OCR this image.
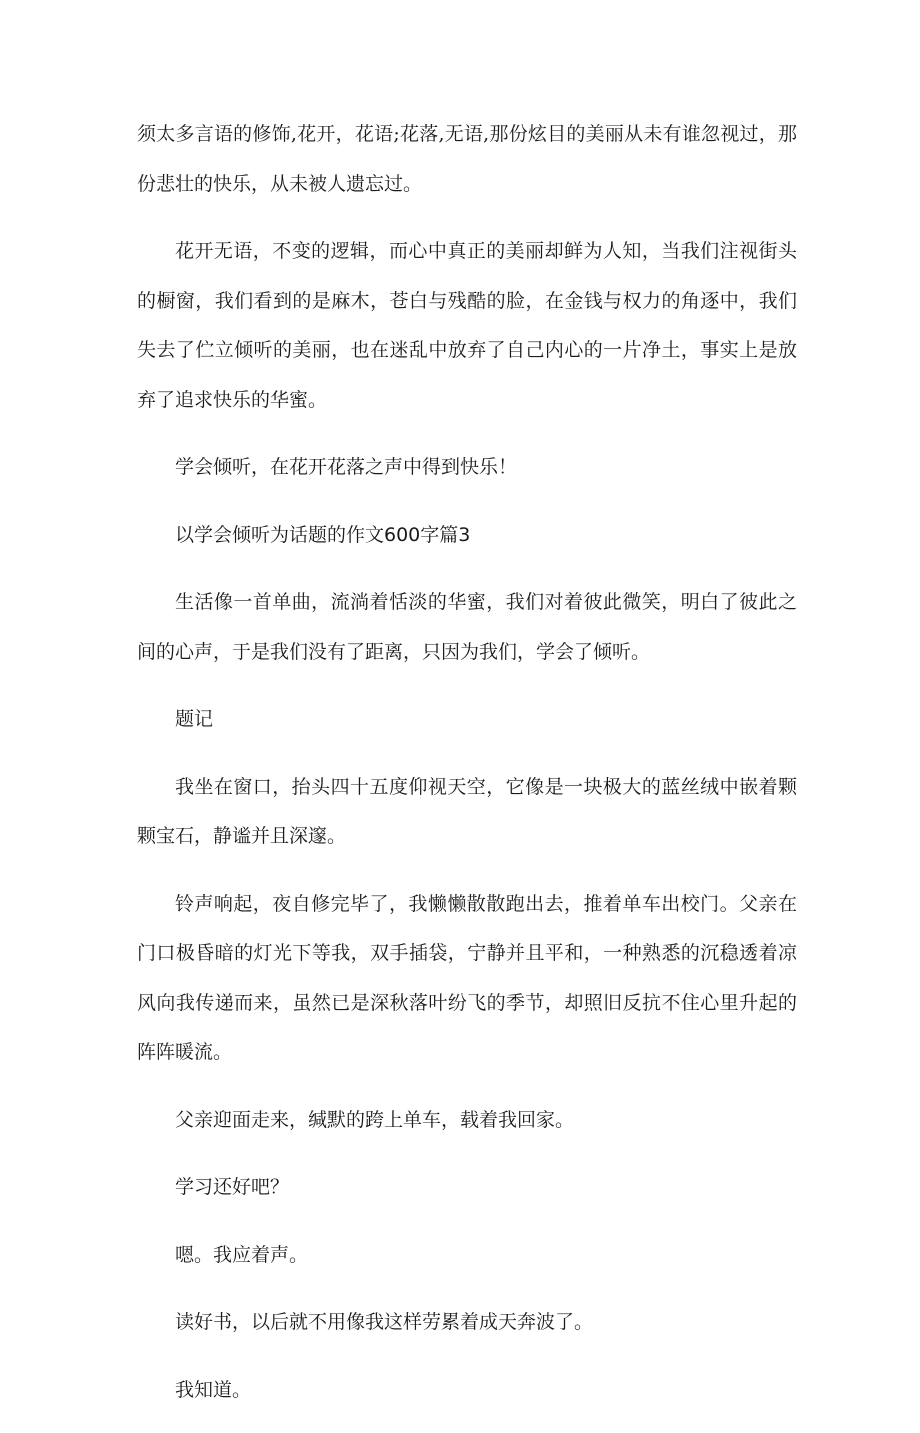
须太多言语的修饰,花开，花语;花落,无语,那份炫目的美丽从未有谁忽视过，那份悲壮的快乐，从未被人遗忘过。

花开无语，不变的逻辑，而心中真正的美丽却鲜为人知，当我们注视街头的橱窗，我们看到的是麻木，苍白与残酷的脸，在金钱与权力的角逐中，我们失去了伫立倾听的美丽，也在迷乱中放弃了自己内心的一片净土，事实上是放弃了追求快乐的华蜜。

学会倾听，在花开花落之声中得到快乐！

以学会倾听为话题的作文600字篇3

生活像一首单曲，流淌着恬淡的华蜜，我们对着彼此微笑，明白了彼此之间的心声，于是我们没有了距离，只因为我们，学会了倾听。

题记

我坐在窗口，抬头四十五度仰视天空，它像是一块极大的蓝丝绒中嵌着颗颗宝石，静谧并且深邃。

铃声响起，夜自修完毕了，我懒懒散散跑出去，推着单车出校门。父亲在门口极昏暗的灯光下等我，双手插袋，宁静并且平和，一种熟悉的沉稳透着凉风向我传递而来，虽然已是深秋落叶纷飞的季节，却照旧反抗不住心里升起的阵阵暖流。

父亲迎面走来，缄默的跨上单车，载着我回家。

学习还好吧？

嗯。我应着声。

读好书，以后就不用像我这样劳累着成天奔波了。

我知道。
